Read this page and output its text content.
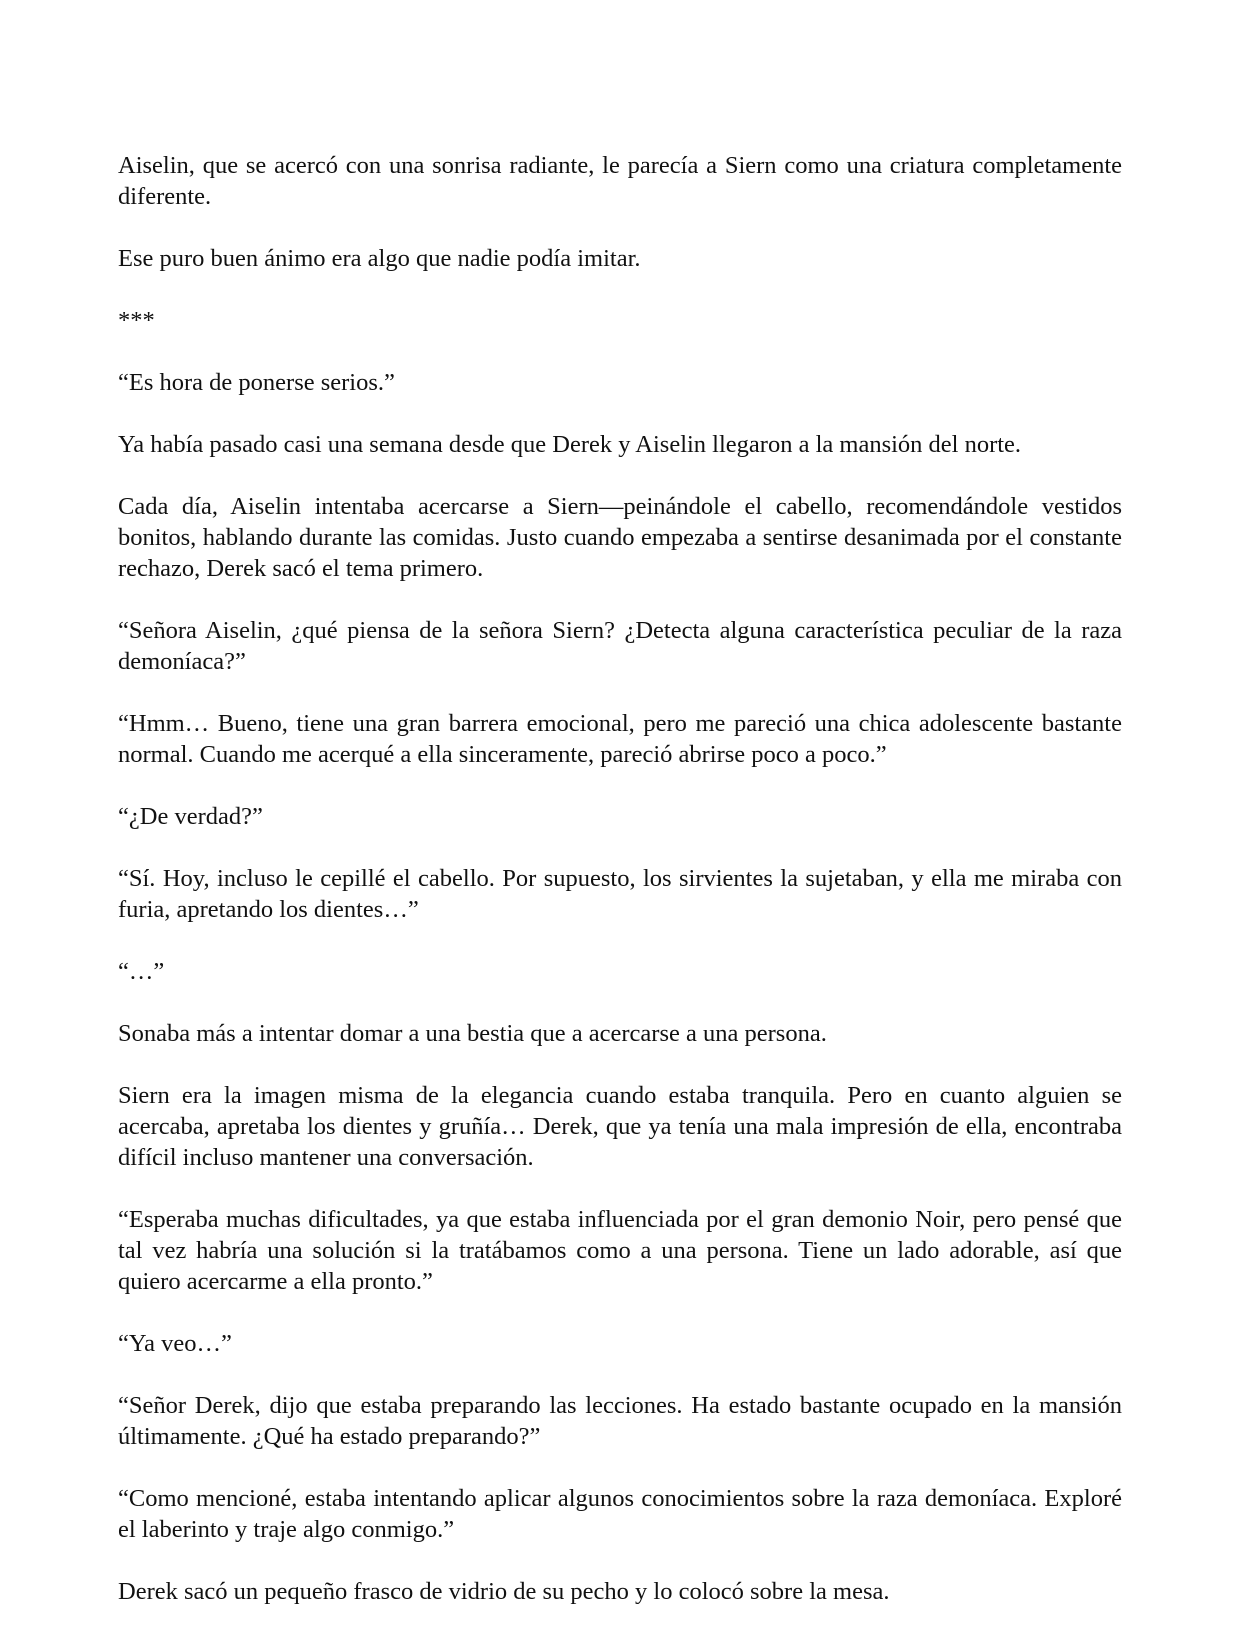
Aiselin, que se acercó con una sonrisa radiante, le parecía a Siern como una criatura completamente diferente.

Ese puro buen ánimo era algo que nadie podía imitar.

***

“Es hora de ponerse serios.”

Ya había pasado casi una semana desde que Derek y Aiselin llegaron a la mansión del norte.

Cada día, Aiselin intentaba acercarse a Siern—peinándole el cabello, recomendándole vestidos bonitos, hablando durante las comidas. Justo cuando empezaba a sentirse desanimada por el constante rechazo, Derek sacó el tema primero.

“Señora Aiselin, ¿qué piensa de la señora Siern? ¿Detecta alguna característica peculiar de la raza demoníaca?”

“Hmm… Bueno, tiene una gran barrera emocional, pero me pareció una chica adolescente bastante normal. Cuando me acerqué a ella sinceramente, pareció abrirse poco a poco.”

“¿De verdad?”

“Sí. Hoy, incluso le cepillé el cabello. Por supuesto, los sirvientes la sujetaban, y ella me miraba con furia, apretando los dientes…”

“…”

Sonaba más a intentar domar a una bestia que a acercarse a una persona.

Siern era la imagen misma de la elegancia cuando estaba tranquila. Pero en cuanto alguien se acercaba, apretaba los dientes y gruñía… Derek, que ya tenía una mala impresión de ella, encontraba difícil incluso mantener una conversación.

“Esperaba muchas dificultades, ya que estaba influenciada por el gran demonio Noir, pero pensé que tal vez habría una solución si la tratábamos como a una persona. Tiene un lado adorable, así que quiero acercarme a ella pronto.”

“Ya veo…”

“Señor Derek, dijo que estaba preparando las lecciones. Ha estado bastante ocupado en la mansión últimamente. ¿Qué ha estado preparando?”

“Como mencioné, estaba intentando aplicar algunos conocimientos sobre la raza demoníaca. Exploré el laberinto y traje algo conmigo.”

Derek sacó un pequeño frasco de vidrio de su pecho y lo colocó sobre la mesa.
